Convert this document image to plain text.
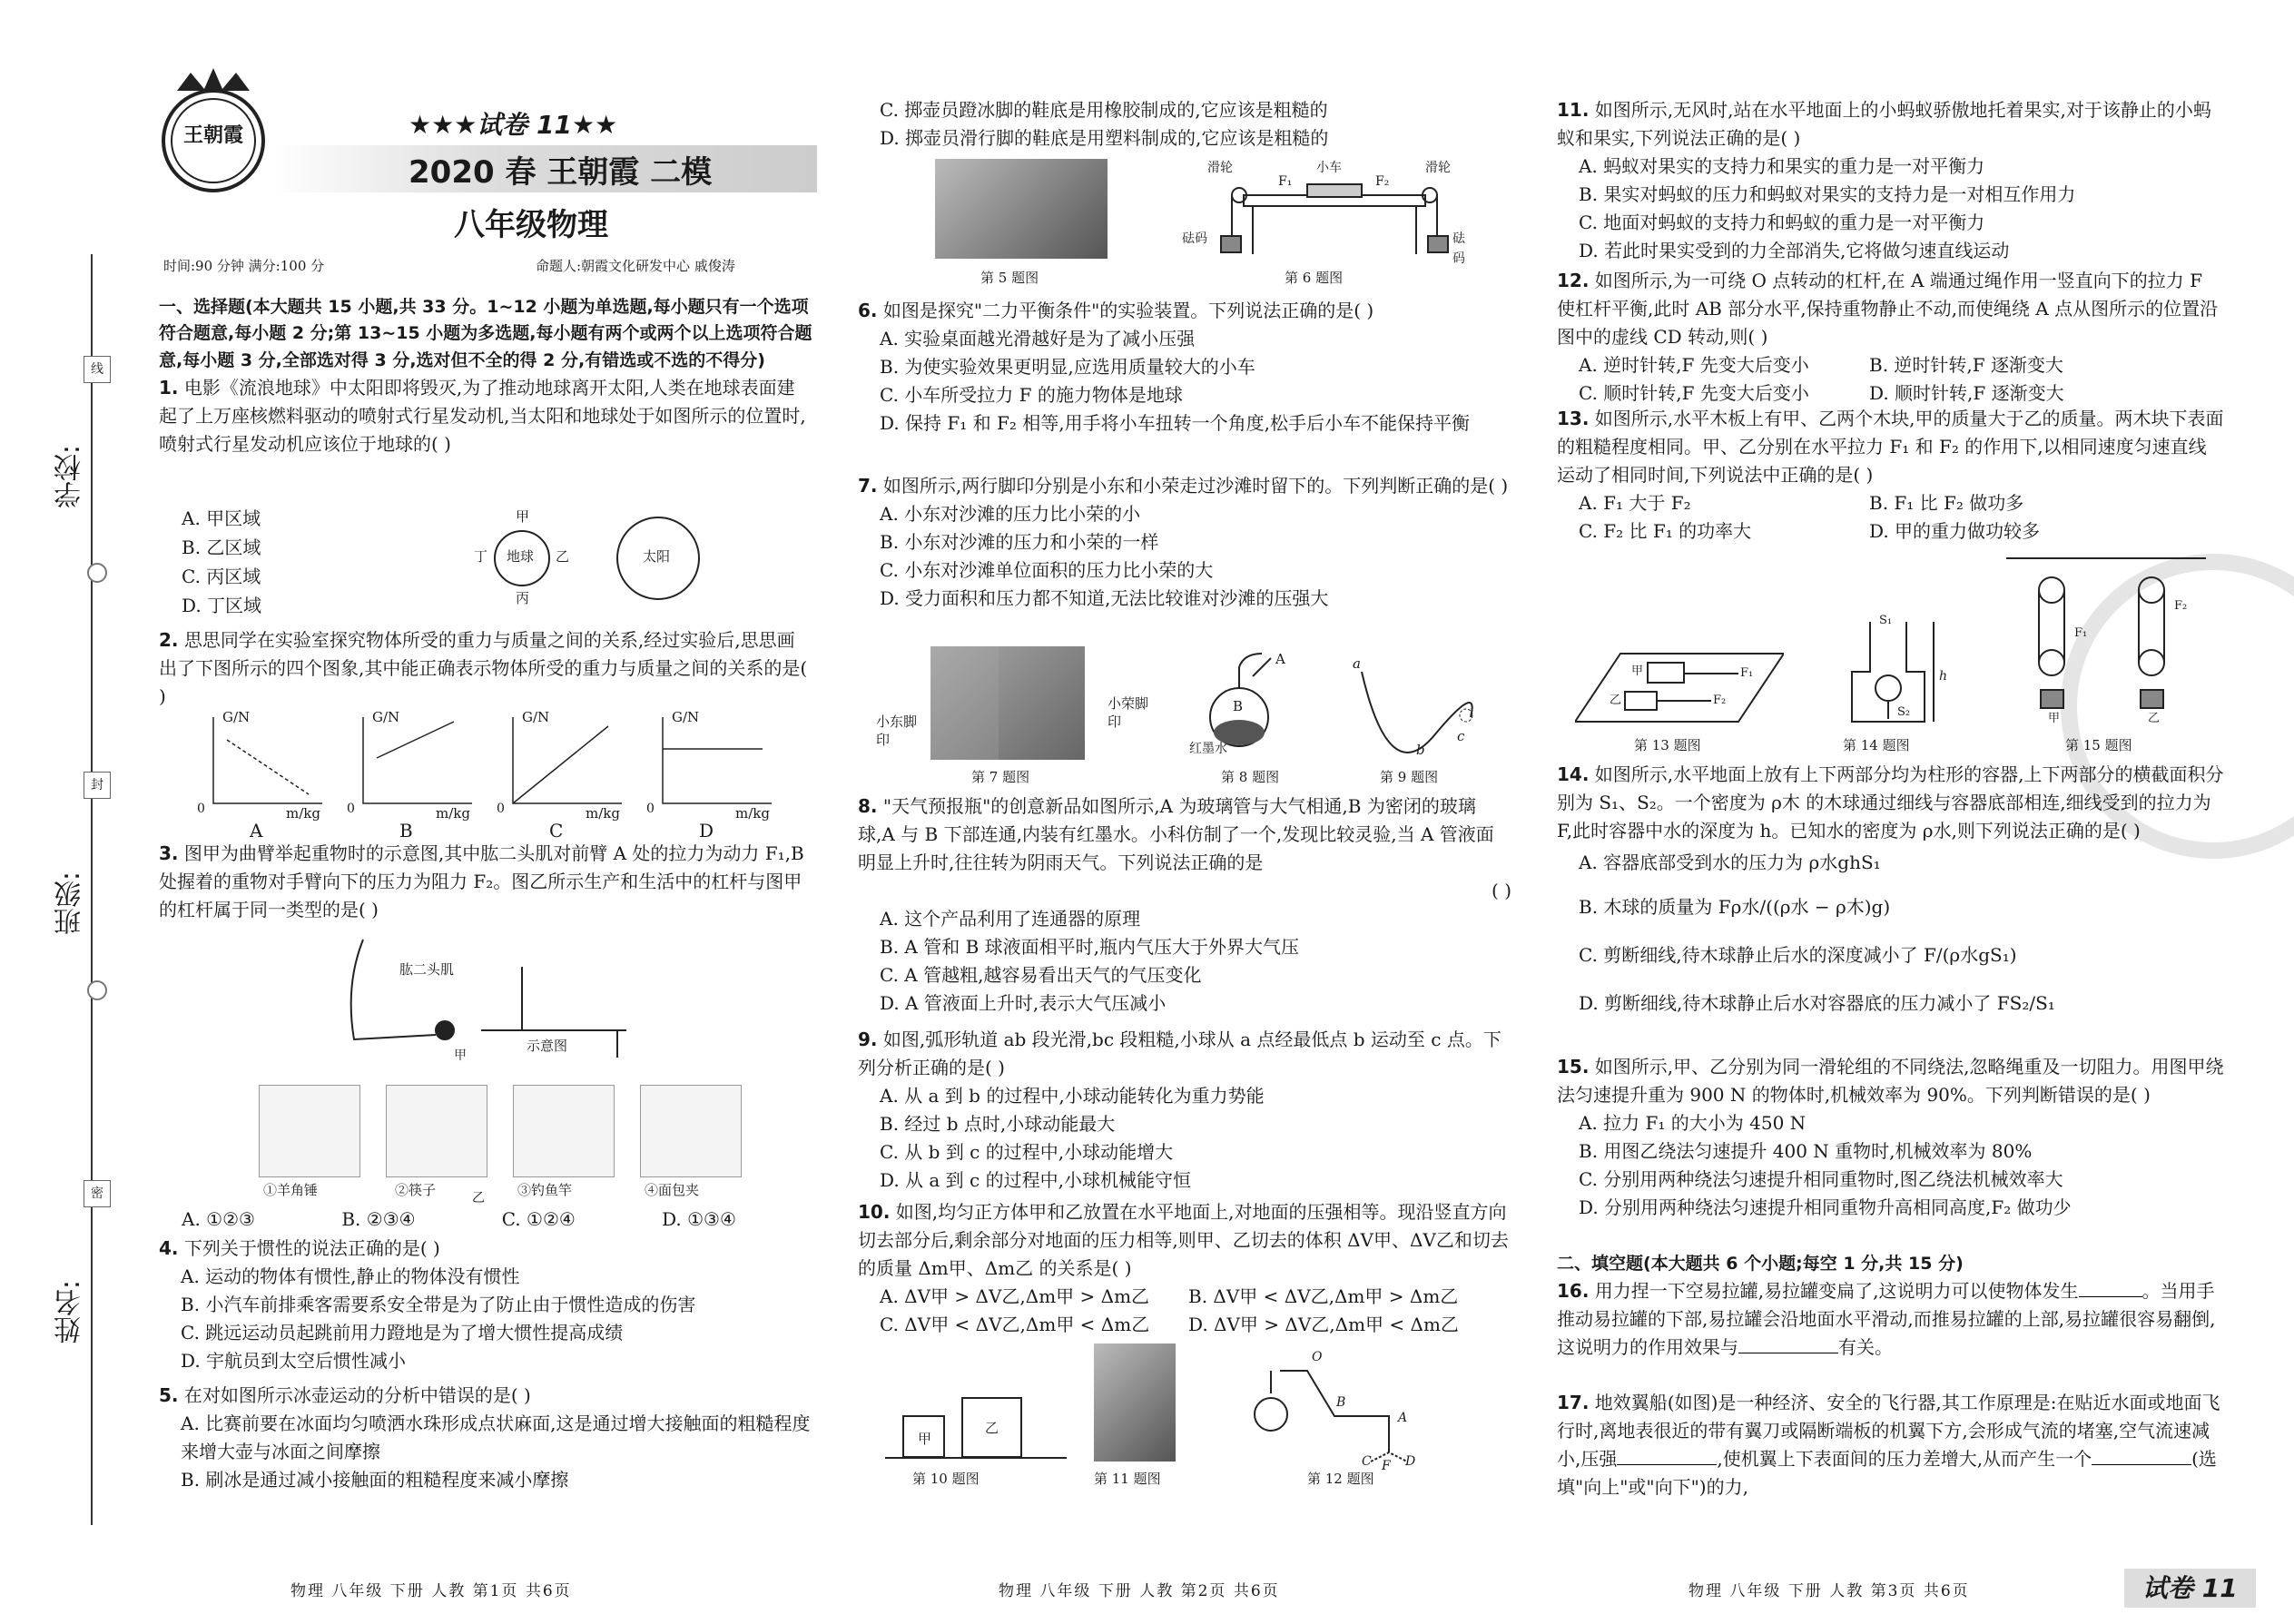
线
封
密
学校:
班级:
姓名:
王朝霞	★★★试卷 11★★
2020 春 王朝霞 二模
八年级物理
时间:90 分钟 满分:100 分	命题人:朝霞文化研发中心 戚俊涛

一、选择题(本大题共 15 小题,共 33 分。1~12 小题为单选题,每小题只有一个选项符合题意,每小题 2 分;第 13~15 小题为多选题,每小题有两个或两个以上选项符合题意,每小题 3 分,全部选对得 3 分,选对但不全的得 2 分,有错选或不选的不得分)

1. 电影《流浪地球》中太阳即将毁灭,为了推动地球离开太阳,人类在地球表面建起了上万座核燃料驱动的喷射式行星发动机,当太阳和地球处于如图所示的位置时,喷射式行星发动机应该位于地球的( )

A. 甲区域
B. 乙区域
C. 丙区域
D. 丁区域
地球	太阳
甲
丙
丁	乙
2. 思思同学在实验室探究物体所受的重力与质量之间的关系,经过实验后,思思画出了下图所示的四个图象,其中能正确表示物体所受的重力与质量之间的关系的是( )
G/N	G/N	G/N	G/N
0	0	0	0
m/kg	m/kg	m/kg	m/kg
A	B	C	D
3. 图甲为曲臂举起重物时的示意图,其中肱二头肌对前臂 A 处的拉力为动力 F₁,B 处握着的重物对手臂向下的压力为阻力 F₂。图乙所示生产和生活中的杠杆与图甲的杠杆属于同一类型的是( )
肱二头肌
示意图
甲
①羊角锤	②筷子	③钓鱼竿	④面包夹
乙
A. ①②③	B. ②③④	C. ①②④	D. ①③④
4. 下列关于惯性的说法正确的是( )
A. 运动的物体有惯性,静止的物体没有惯性
B. 小汽车前排乘客需要系安全带是为了防止由于惯性造成的伤害
C. 跳远运动员起跳前用力蹬地是为了增大惯性提高成绩
D. 宇航员到太空后惯性减小
5. 在对如图所示冰壶运动的分析中错误的是( )
A. 比赛前要在冰面均匀喷洒水珠形成点状麻面,这是通过增大接触面的粗糙程度来增大壶与冰面之间摩擦
B. 刷冰是通过减小接触面的粗糙程度来减小摩擦
物理 八年级 下册 人教 第1页 共6页
C. 掷壶员蹬冰脚的鞋底是用橡胶制成的,它应该是粗糙的
D. 掷壶员滑行脚的鞋底是用塑料制成的,它应该是粗糙的
滑轮	小车	滑轮
砝码	砝码
F₁	F₂
第 5 题图	第 6 题图
6. 如图是探究"二力平衡条件"的实验装置。下列说法正确的是( )
A. 实验桌面越光滑越好是为了减小压强
B. 为使实验效果更明显,应选用质量较大的小车
C. 小车所受拉力 F 的施力物体是地球
D. 保持 F₁ 和 F₂ 相等,用手将小车扭转一个角度,松手后小车不能保持平衡
7. 如图所示,两行脚印分别是小东和小荣走过沙滩时留下的。下列判断正确的是( )
A. 小东对沙滩的压力比小荣的小
B. 小东对沙滩的压力和小荣的一样
C. 小东对沙滩单位面积的压力比小荣的大
D. 受力面积和压力都不知道,无法比较谁对沙滩的压强大
小东脚印
小荣脚印
A
B
红墨水
a
b
c
第 7 题图	第 8 题图	第 9 题图
8. "天气预报瓶"的创意新品如图所示,A 为玻璃管与大气相通,B 为密闭的玻璃球,A 与 B 下部连通,内装有红墨水。小科仿制了一个,发现比较灵验,当 A 管液面明显上升时,往往转为阴雨天气。下列说法正确的是
( )
A. 这个产品利用了连通器的原理
B. A 管和 B 球液面相平时,瓶内气压大于外界大气压
C. A 管越粗,越容易看出天气的气压变化
D. A 管液面上升时,表示大气压减小
9. 如图,弧形轨道 ab 段光滑,bc 段粗糙,小球从 a 点经最低点 b 运动至 c 点。下列分析正确的是( )
A. 从 a 到 b 的过程中,小球动能转化为重力势能
B. 经过 b 点时,小球动能最大
C. 从 b 到 c 的过程中,小球动能增大
D. 从 a 到 c 的过程中,小球机械能守恒
10. 如图,均匀正方体甲和乙放置在水平地面上,对地面的压强相等。现沿竖直方向切去部分后,剩余部分对地面的压力相等,则甲、乙切去的体积 ΔV甲、ΔV乙和切去的质量 Δm甲、Δm乙 的关系是( )
A. ΔV甲 > ΔV乙,Δm甲 > Δm乙 B. ΔV甲 < ΔV乙,Δm甲 > Δm乙
C. ΔV甲 < ΔV乙,Δm甲 < Δm乙 D. ΔV甲 > ΔV乙,Δm甲 < Δm乙
甲
乙
O
B
A
C F D
第 10 题图	第 11 题图	第 12 题图
物理 八年级 下册 人教 第2页 共6页
11. 如图所示,无风时,站在水平地面上的小蚂蚁骄傲地托着果实,对于该静止的小蚂蚁和果实,下列说法正确的是( )
A. 蚂蚁对果实的支持力和果实的重力是一对平衡力
B. 果实对蚂蚁的压力和蚂蚁对果实的支持力是一对相互作用力
C. 地面对蚂蚁的支持力和蚂蚁的重力是一对平衡力
D. 若此时果实受到的力全部消失,它将做匀速直线运动
12. 如图所示,为一可绕 O 点转动的杠杆,在 A 端通过绳作用一竖直向下的拉力 F 使杠杆平衡,此时 AB 部分水平,保持重物静止不动,而使绳绕 A 点从图所示的位置沿图中的虚线 CD 转动,则( )
A. 逆时针转,F 先变大后变小	B. 逆时针转,F 逐渐变大
C. 顺时针转,F 先变大后变小	D. 顺时针转,F 逐渐变大
13. 如图所示,水平木板上有甲、乙两个木块,甲的质量大于乙的质量。两木块下表面的粗糙程度相同。甲、乙分别在水平拉力 F₁ 和 F₂ 的作用下,以相同速度匀速直线运动了相同时间,下列说法中正确的是( )
A. F₁ 大于 F₂	B. F₁ 比 F₂ 做功多
C. F₂ 比 F₁ 的功率大	D. 甲的重力做功较多
甲
乙
F₁
F₂
S₁
S₂
h
甲	乙
F₁
F₂
第 13 题图	第 14 题图	第 15 题图
14. 如图所示,水平地面上放有上下两部分均为柱形的容器,上下两部分的横截面积分别为 S₁、S₂。一个密度为 ρ木 的木球通过细线与容器底部相连,细线受到的拉力为 F,此时容器中水的深度为 h。已知水的密度为 ρ水,则下列说法正确的是( )
A. 容器底部受到水的压力为 ρ水ghS₁
B. 木球的质量为 Fρ水/((ρ水 − ρ木)g)
C. 剪断细线,待木球静止后水的深度减小了 F/(ρ水gS₁)
D. 剪断细线,待木球静止后水对容器底的压力减小了 FS₂/S₁
15. 如图所示,甲、乙分别为同一滑轮组的不同绕法,忽略绳重及一切阻力。用图甲绕法匀速提升重为 900 N 的物体时,机械效率为 90%。下列判断错误的是( )
A. 拉力 F₁ 的大小为 450 N
B. 用图乙绕法匀速提升 400 N 重物时,机械效率为 80%
C. 分别用两种绕法匀速提升相同重物时,图乙绕法机械效率大
D. 分别用两种绕法匀速提升相同重物升高相同高度,F₂ 做功少
二、填空题(本大题共 6 个小题;每空 1 分,共 15 分)
16. 用力捏一下空易拉罐,易拉罐变扁了,这说明力可以使物体发生	。当用手推动易拉罐的下部,易拉罐会沿地面水平滑动,而推易拉罐的上部,易拉罐很容易翻倒,这说明力的作用效果与	有关。
17. 地效翼船(如图)是一种经济、安全的飞行器,其工作原理是:在贴近水面或地面飞行时,离地表很近的带有翼刀或隔断端板的机翼下方,会形成气流的堵塞,空气流速减小,压强	,使机翼上下表面间的压力差增大,从而产生一个	(选填"向上"或"向下")的力,
物理 八年级 下册 人教 第3页 共6页	试卷 11
